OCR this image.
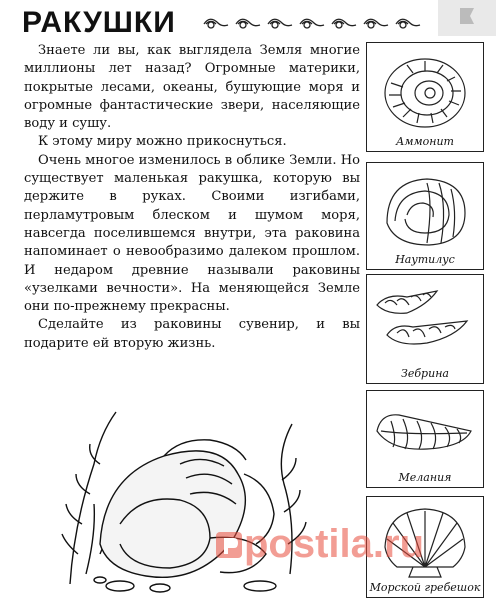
РАКУШКИ

Знаете ли вы, как выглядела Земля многие миллионы лет назад? Огромные материки, покрытые лесами, океаны, бушующие моря и огромные фантастические звери, населяющие воду и сушу.

К этому миру можно прикоснуться.

Очень многое изменилось в облике Земли. Но существует маленькая ракушка, которую вы держите в руках. Своими изгибами, перламутровым блеском и шумом моря, навсегда поселившемся внутри, эта раковина напоминает о невообразимо далеком прошлом. И недаром древние называли раковины «узелками вечности». На меняющейся Земле они по-прежнему прекрасны.

Сделайте из раковины сувенир, и вы подарите ей вторую жизнь.

Аммонит
Наутилус
Зебрина
Мелания
Морской гребешок
postila.ru
